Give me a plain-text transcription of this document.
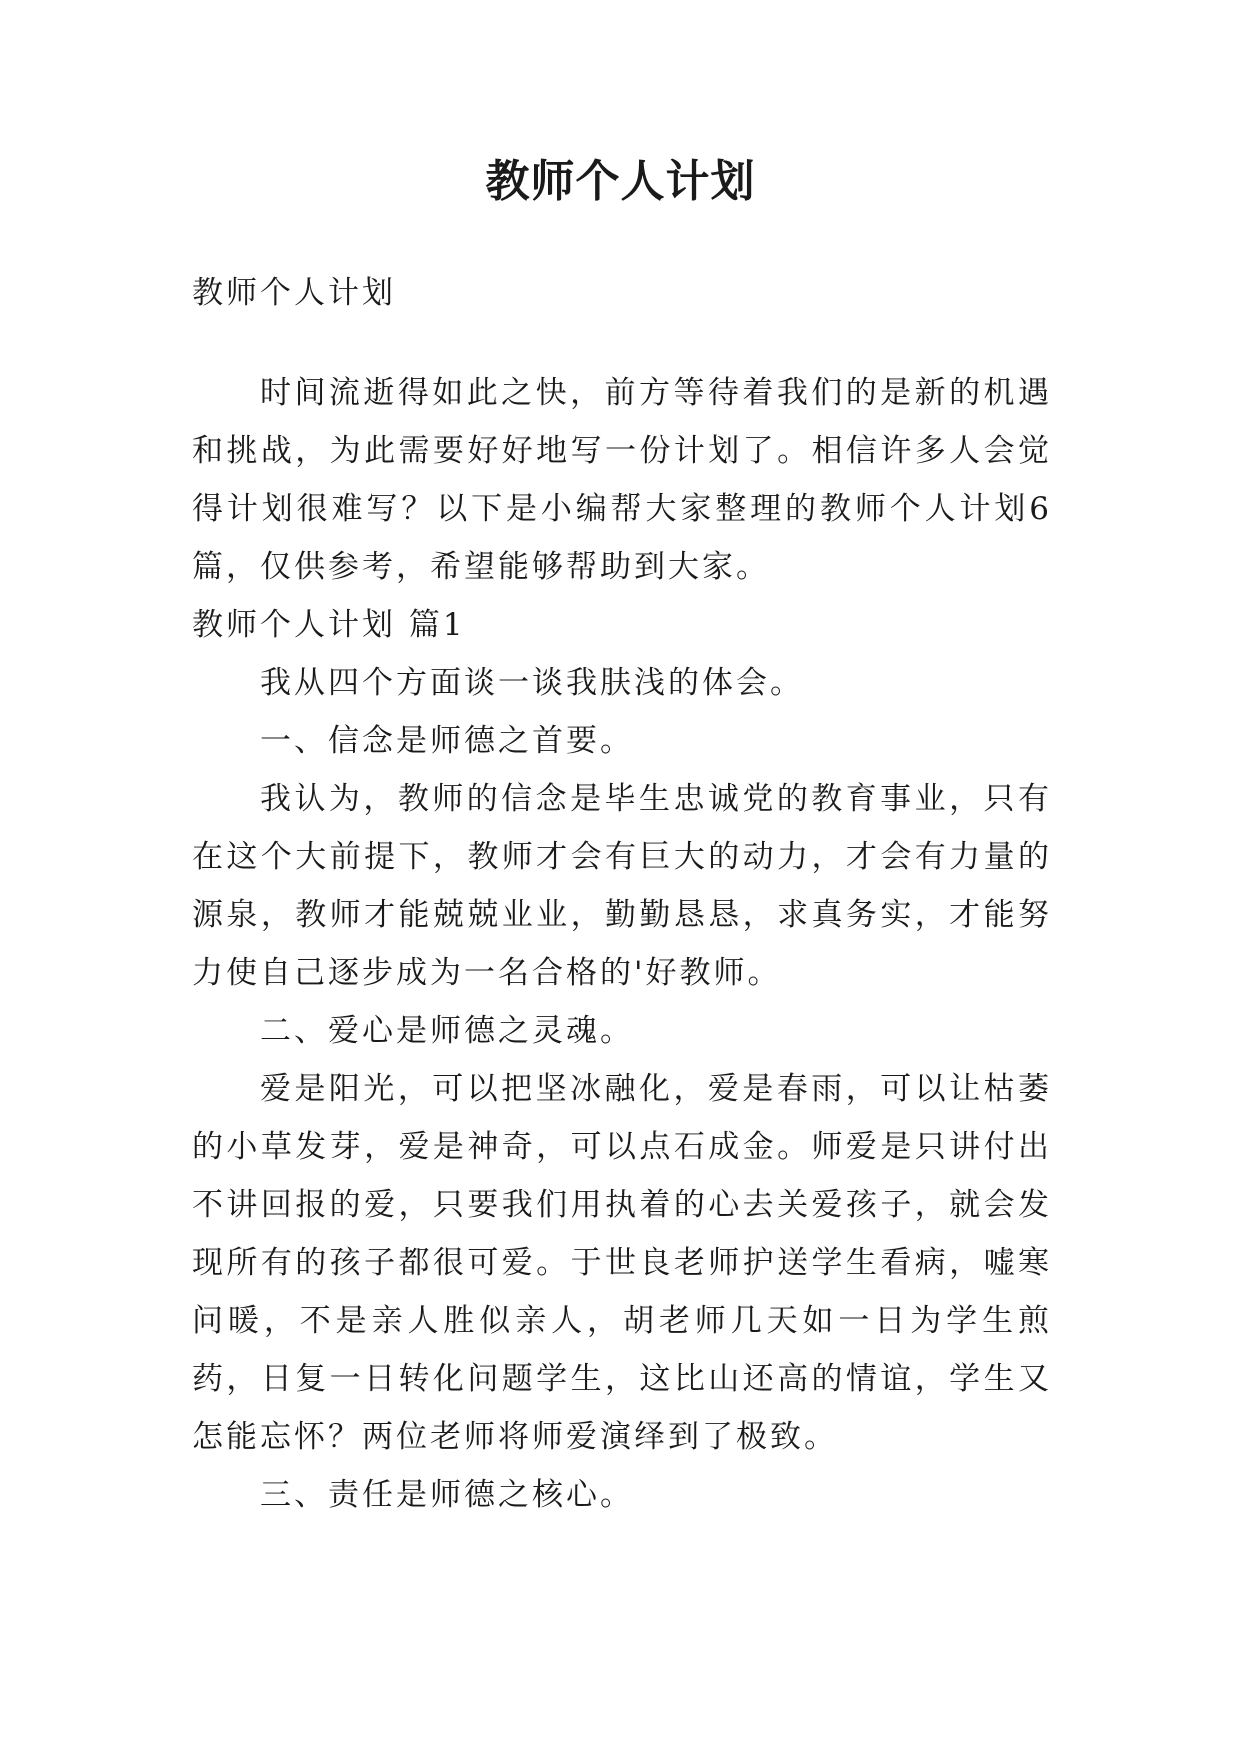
教师个人计划

教师个人计划

时间流逝得如此之快，前方等待着我们的是新的机遇和挑战，为此需要好好地写一份计划了。相信许多人会觉得计划很难写？以下是小编帮大家整理的教师个人计划6篇，仅供参考，希望能够帮助到大家。

教师个人计划 篇1

我从四个方面谈一谈我肤浅的体会。

一、信念是师德之首要。

我认为，教师的信念是毕生忠诚党的教育事业，只有在这个大前提下，教师才会有巨大的动力，才会有力量的源泉，教师才能兢兢业业，勤勤恳恳，求真务实，才能努力使自己逐步成为一名合格的'好教师。

二、爱心是师德之灵魂。

爱是阳光，可以把坚冰融化，爱是春雨，可以让枯萎的小草发芽，爱是神奇，可以点石成金。师爱是只讲付出不讲回报的爱，只要我们用执着的心去关爱孩子，就会发现所有的孩子都很可爱。于世良老师护送学生看病，嘘寒问暖，不是亲人胜似亲人，胡老师几天如一日为学生煎药，日复一日转化问题学生，这比山还高的情谊，学生又怎能忘怀？两位老师将师爱演绎到了极致。

三、责任是师德之核心。
